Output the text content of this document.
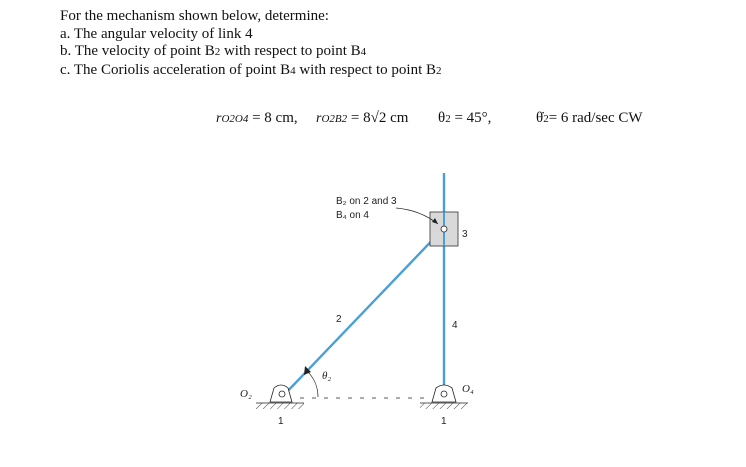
For the mechanism shown below, determine:
a. The angular velocity of link 4
b. The velocity of point B2 with respect to point B4
c. The Coriolis acceleration of point B4 with respect to point B2
rO2O4 = 8 cm, rO2B2 = 8√2 cm θ2 = 45°,	θ̇2= 6 rad/sec CW
B₂ on 2 and 3
B₄ on 4
2
3
4
1	1
O₂	O₄
θ₂
